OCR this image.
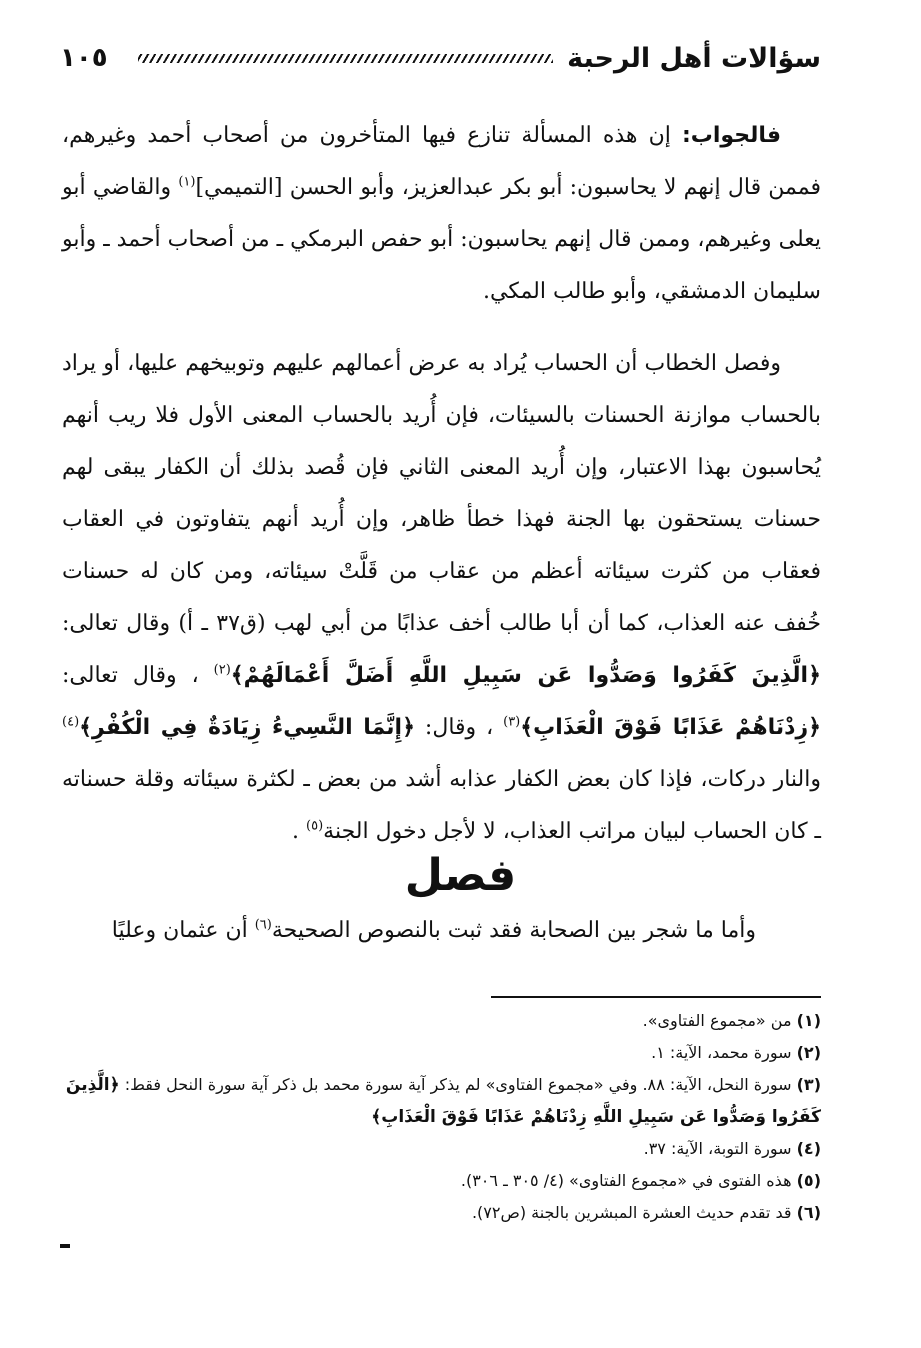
سؤالات أهل الرحبة
١٠٥

فالجواب: إن هذه المسألة تنازع فيها المتأخرون من أصحاب أحمد وغيرهم، فممن قال إنهم لا يحاسبون: أبو بكر عبدالعزيز، وأبو الحسن [التميمي]$^{(١)}$ والقاضي أبو يعلى وغيرهم، وممن قال إنهم يحاسبون: أبو حفص البرمكي ـ من أصحاب أحمد ـ وأبو سليمان الدمشقي، وأبو طالب المكي.

وفصل الخطاب أن الحساب يُراد به عرض أعمالهم عليهم وتوبيخهم عليها، أو يراد بالحساب موازنة الحسنات بالسيئات، فإن أُريد بالحساب المعنى الأول فلا ريب أنهم يُحاسبون بهذا الاعتبار، وإن أُريد المعنى الثاني فإن قُصد بذلك أن الكفار يبقى لهم حسنات يستحقون بها الجنة فهذا خطأ ظاهر، وإن أُريد أنهم يتفاوتون في العقاب فعقاب من كثرت سيئاته أعظم من عقاب من قَلَّتْ سيئاته، ومن كان له حسنات خُفف عنه العذاب، كما أن أبا طالب أخف عذابًا من أبي لهب (ق٣٧ ـ أ) وقال تعالى: ﴿الَّذِينَ كَفَرُوا وَصَدُّوا عَن سَبِيلِ اللَّهِ أَضَلَّ أَعْمَالَهُمْ﴾$^{(٢)}$ ، وقال تعالى: ﴿زِدْنَاهُمْ عَذَابًا فَوْقَ الْعَذَابِ﴾$^{(٣)}$ ، وقال: ﴿إِنَّمَا النَّسِيءُ زِيَادَةٌ فِي الْكُفْرِ﴾$^{(٤)}$ والنار دركات، فإذا كان بعض الكفار عذابه أشد من بعض ـ لكثرة سيئاته وقلة حسناته ـ كان الحساب لبيان مراتب العذاب، لا لأجل دخول الجنة$^{(٥)}$ .

فصل
وأما ما شجر بين الصحابة فقد ثبت بالنصوص الصحيحة$^{(٦)}$ أن عثمان وعليًا

(١) من «مجموع الفتاوى».

(٢) سورة محمد، الآية: ١.

(٣) سورة النحل، الآية: ٨٨. وفي «مجموع الفتاوى» لم يذكر آية سورة محمد بل ذكر آية سورة النحل فقط: ﴿الَّذِينَ كَفَرُوا وَصَدُّوا عَن سَبِيلِ اللَّهِ زِدْنَاهُمْ عَذَابًا فَوْقَ الْعَذَابِ﴾

(٤) سورة التوبة، الآية: ٣٧.

(٥) هذه الفتوى في «مجموع الفتاوى» (٤/ ٣٠٥ ـ ٣٠٦).

(٦) قد تقدم حديث العشرة المبشرين بالجنة (ص٧٢).
